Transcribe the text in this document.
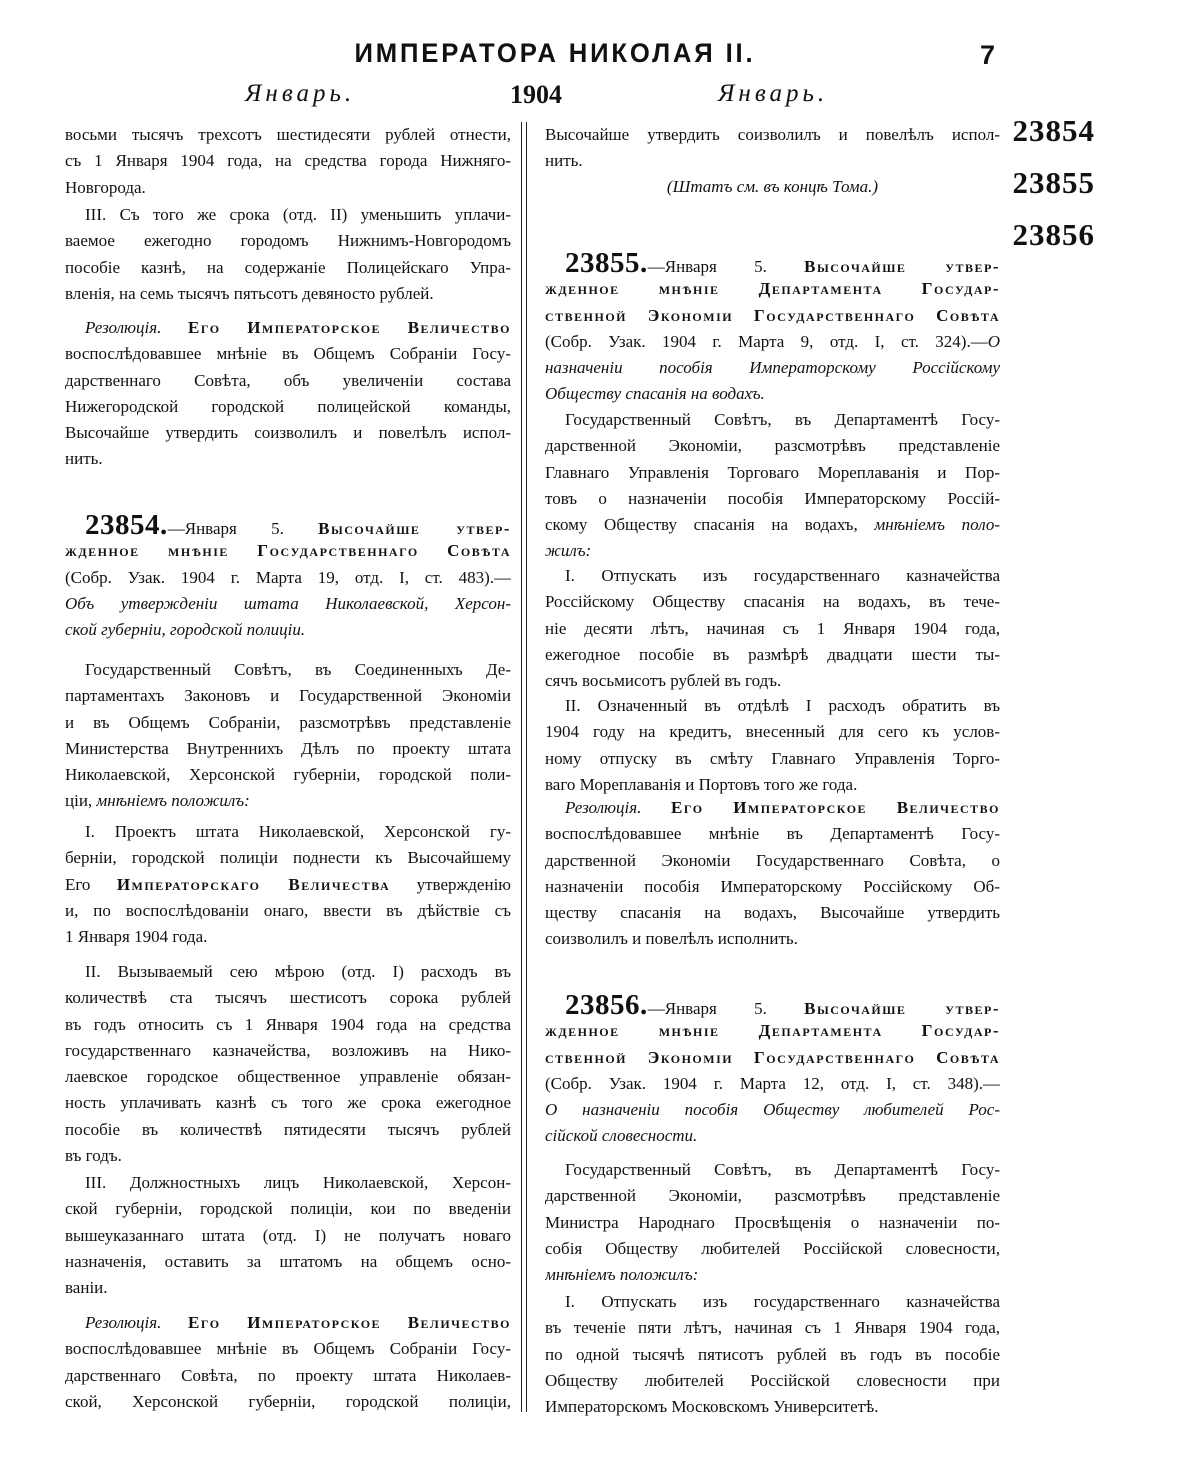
ИМПЕРАТОРА НИКОЛАЯ II.	7
Январь.	1904	Январь.
23854
23855
23856
восьми тысячъ трехсотъ шестидесяти рублей отнести,
съ 1 Января 1904 года, на средства города Нижняго-
Новгорода.
III. Съ того же срока (отд. II) уменьшить уплачи-
ваемое ежегодно городомъ Нижнимъ-Новгородомъ
пособіе казнѣ, на содержаніе Полицейскаго Упра-
вленія, на семь тысячъ пятьсотъ девяносто рублей.
Резолюція. Его Императорское Величество
воспослѣдовавшее мнѣніе въ Общемъ Собраніи Госу-
дарственнаго Совѣта, объ увеличеніи состава
Нижегородской городской полицейской команды,
Высочайше утвердить соизволилъ и повелѣлъ испол-
нить.
23854.—Января 5. Высочайше утвер-
жденное мнѣніе Государственнаго Совѣта
(Собр. Узак. 1904 г. Марта 19, отд. I, ст. 483).—
Объ утвержденіи штата Николаевской, Херсон-
ской губерніи, городской полиціи.
Государственный Совѣтъ, въ Соединенныхъ Де-
партаментахъ Законовъ и Государственной Экономіи
и въ Общемъ Собраніи, разсмотрѣвъ представленіе
Министерства Внутреннихъ Дѣлъ по проекту штата
Николаевской, Херсонской губерніи, городской поли-
ціи, мнѣніемъ положилъ:
I. Проектъ штата Николаевской, Херсонской гу-
берніи, городской полиціи поднести къ Высочайшему
Его Императорскаго Величества утвержденію
и, по воспослѣдованіи онаго, ввести въ дѣйствіе съ
1 Января 1904 года.
II. Вызываемый сею мѣрою (отд. I) расходъ въ
количествѣ ста тысячъ шестисотъ сорока рублей
въ годъ относить съ 1 Января 1904 года на средства
государственнаго казначейства, возложивъ на Нико-
лаевское городское общественное управленіе обязан-
ность уплачивать казнѣ съ того же срока ежегодное
пособіе въ количествѣ пятидесяти тысячъ рублей
въ годъ.
III. Должностныхъ лицъ Николаевской, Херсон-
ской губерніи, городской полиціи, кои по введеніи
вышеуказаннаго штата (отд. I) не получатъ новаго
назначенія, оставить за штатомъ на общемъ осно-
ваніи.
Резолюція. Его Императорское Величество
воспослѣдовавшее мнѣніе въ Общемъ Собраніи Госу-
дарственнаго Совѣта, по проекту штата Николаев-
ской, Херсонской губерніи, городской полиціи,
Высочайше утвердить соизволилъ и повелѣлъ испол-
нить.
(Штатъ см. въ концѣ Тома.)
23855.—Января 5. Высочайше утвер-
жденное мнѣніе Департамента Государ-
ственной Экономіи Государственнаго Совѣта
(Собр. Узак. 1904 г. Марта 9, отд. I, ст. 324).—О
назначеніи пособія Императорскому Россійскому
Обществу спасанія на водахъ.
Государственный Совѣтъ, въ Департаментѣ Госу-
дарственной Экономіи, разсмотрѣвъ представленіе
Главнаго Управленія Торговаго Мореплаванія и Пор-
товъ о назначеніи пособія Императорскому Россій-
скому Обществу спасанія на водахъ, мнѣніемъ поло-
жилъ:
I. Отпускать изъ государственнаго казначейства
Россійскому Обществу спасанія на водахъ, въ тече-
ніе десяти лѣтъ, начиная съ 1 Января 1904 года,
ежегодное пособіе въ размѣрѣ двадцати шести ты-
сячъ восьмисотъ рублей въ годъ.
II. Означенный въ отдѣлѣ I расходъ обратить въ
1904 году на кредитъ, внесенный для сего къ услов-
ному отпуску въ смѣту Главнаго Управленія Торго-
ваго Мореплаванія и Портовъ того же года.
Резолюція. Его Императорское Величество
воспослѣдовавшее мнѣніе въ Департаментѣ Госу-
дарственной Экономіи Государственнаго Совѣта, о
назначеніи пособія Императорскому Россійскому Об-
ществу спасанія на водахъ, Высочайше утвердить
соизволилъ и повелѣлъ исполнить.
23856.—Января 5. Высочайше утвер-
жденное мнѣніе Департамента Государ-
ственной Экономіи Государственнаго Совѣта
(Собр. Узак. 1904 г. Марта 12, отд. I, ст. 348).—
О назначеніи пособія Обществу любителей Рос-
сійской словесности.
Государственный Совѣтъ, въ Департаментѣ Госу-
дарственной Экономіи, разсмотрѣвъ представленіе
Министра Народнаго Просвѣщенія о назначеніи по-
собія Обществу любителей Россійской словесности,
мнѣніемъ положилъ:
I. Отпускать изъ государственнаго казначейства
въ теченіе пяти лѣтъ, начиная съ 1 Января 1904 года,
по одной тысячѣ пятисотъ рублей въ годъ въ пособіе
Обществу любителей Россійской словесности при
Императорскомъ Московскомъ Университетѣ.
